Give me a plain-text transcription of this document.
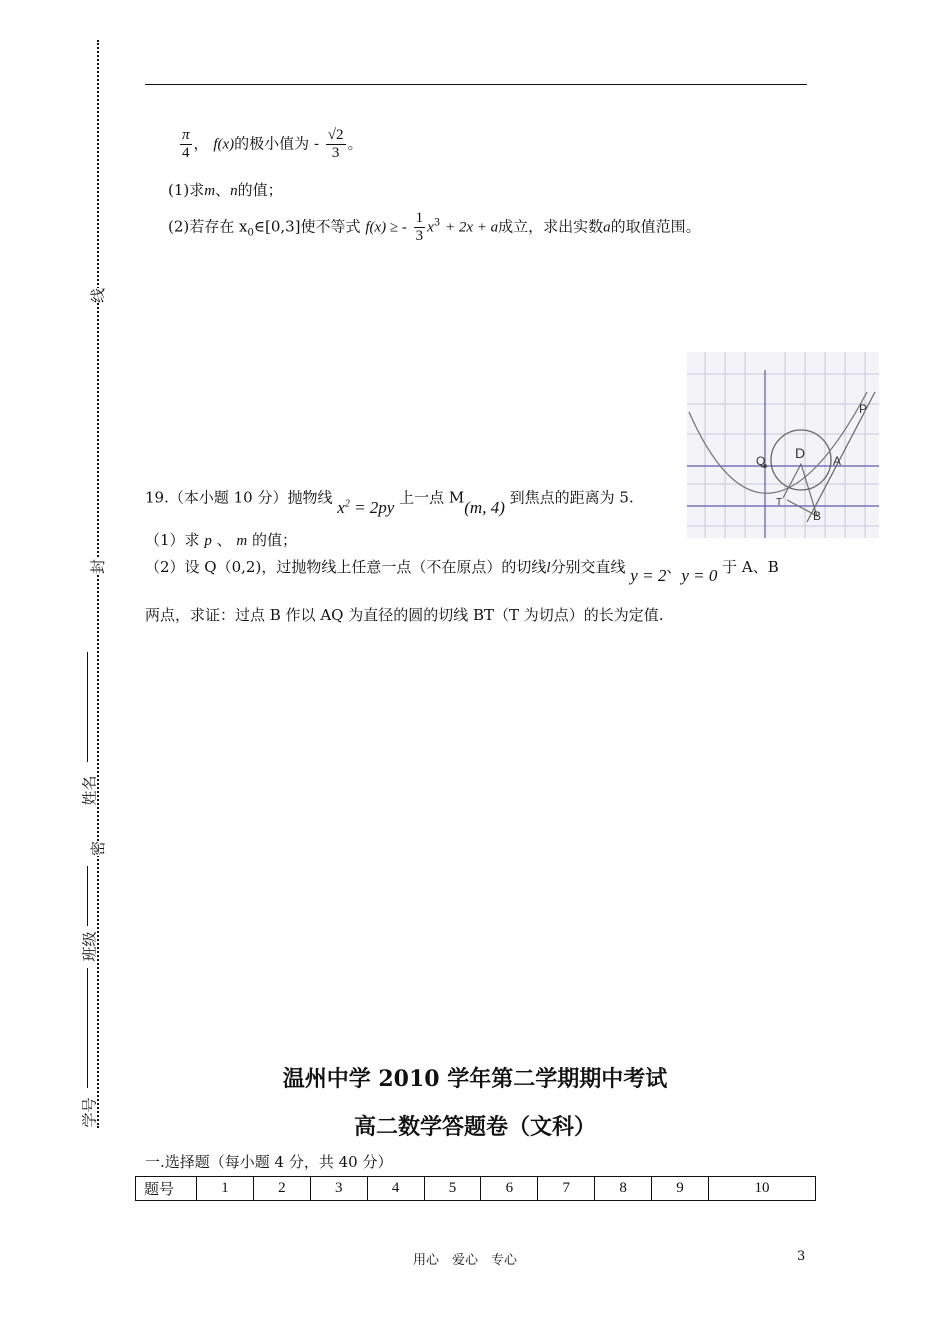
线
封
密
姓名
班级
学号
$\frac{\pi}{4}$ ， f(x)的极小值为 - $\frac{√2}{3}$ 。
(1)求m、n的值；
(2)若存在 $x_0\in[0,3]$使不等式 f(x) ≥ - $\frac{1}{3} x^3 + 2x + a$成立，求出实数a的取值范围。
P
Q D A
T
B
19.（本小题 10 分）抛物线 $x^2 = 2py$ 上一点 M(m, 4) 到焦点的距离为 5.
（1）求 p 、 m 的值；
（2）设 Q（0,2)，过抛物线上任意一点（不在原点）的切线l分别交直线 y = 2、y = 0 于 A、B
两点，求证：过点 B 作以 AQ 为直径的圆的切线 BT（T 为切点）的长为定值.
温州中学 2010 学年第二学期期中考试
高二数学答题卷（文科）
一.选择题（每小题 4 分，共 40 分）
题号	1	2	3	4	5	6	7	8	9	10
用心　爱心　专心	3
